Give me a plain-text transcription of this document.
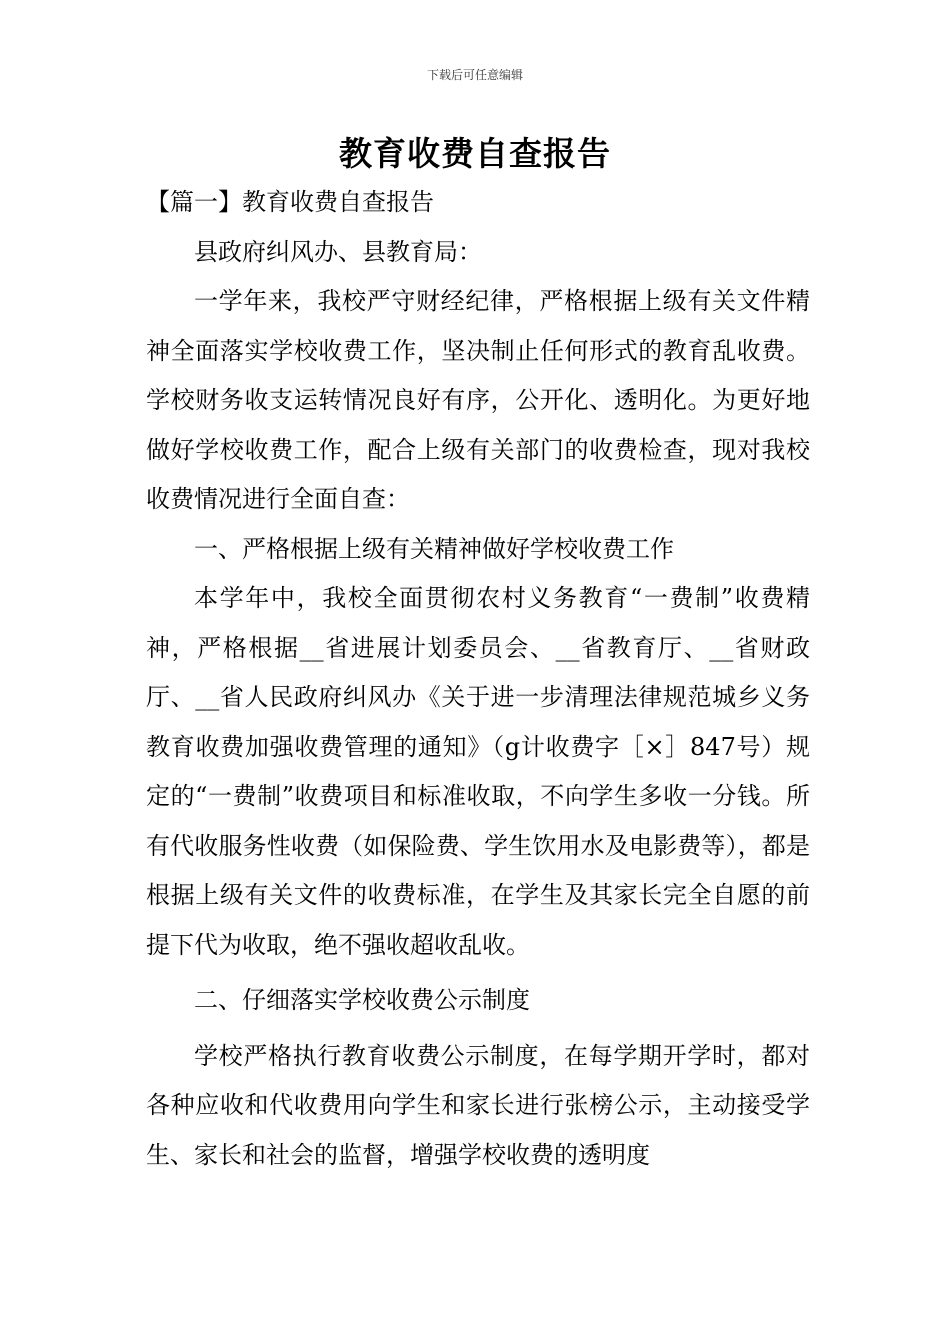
下载后可任意编辑
教育收费自查报告

【篇一】教育收费自查报告

县政府纠风办、县教育局：

一学年来，我校严守财经纪律，严格根据上级有关文件精神全面落实学校收费工作，坚决制止任何形式的教育乱收费。学校财务收支运转情况良好有序，公开化、透明化。为更好地做好学校收费工作，配合上级有关部门的收费检查，现对我校收费情况进行全面自查：

一、严格根据上级有关精神做好学校收费工作

本学年中，我校全面贯彻农村义务教育“一费制”收费精神，严格根据__省进展计划委员会、__省教育厅、__省财政厅、__省人民政府纠风办《关于进一步清理法律规范城乡义务教育收费加强收费管理的通知》（g计收费字［×］847号）规定的“一费制”收费项目和标准收取，不向学生多收一分钱。所有代收服务性收费（如保险费、学生饮用水及电影费等），都是根据上级有关文件的收费标准，在学生及其家长完全自愿的前提下代为收取，绝不强收超收乱收。

二、仔细落实学校收费公示制度

学校严格执行教育收费公示制度，在每学期开学时，都对各种应收和代收费用向学生和家长进行张榜公示，主动接受学生、家长和社会的监督，增强学校收费的透明度
